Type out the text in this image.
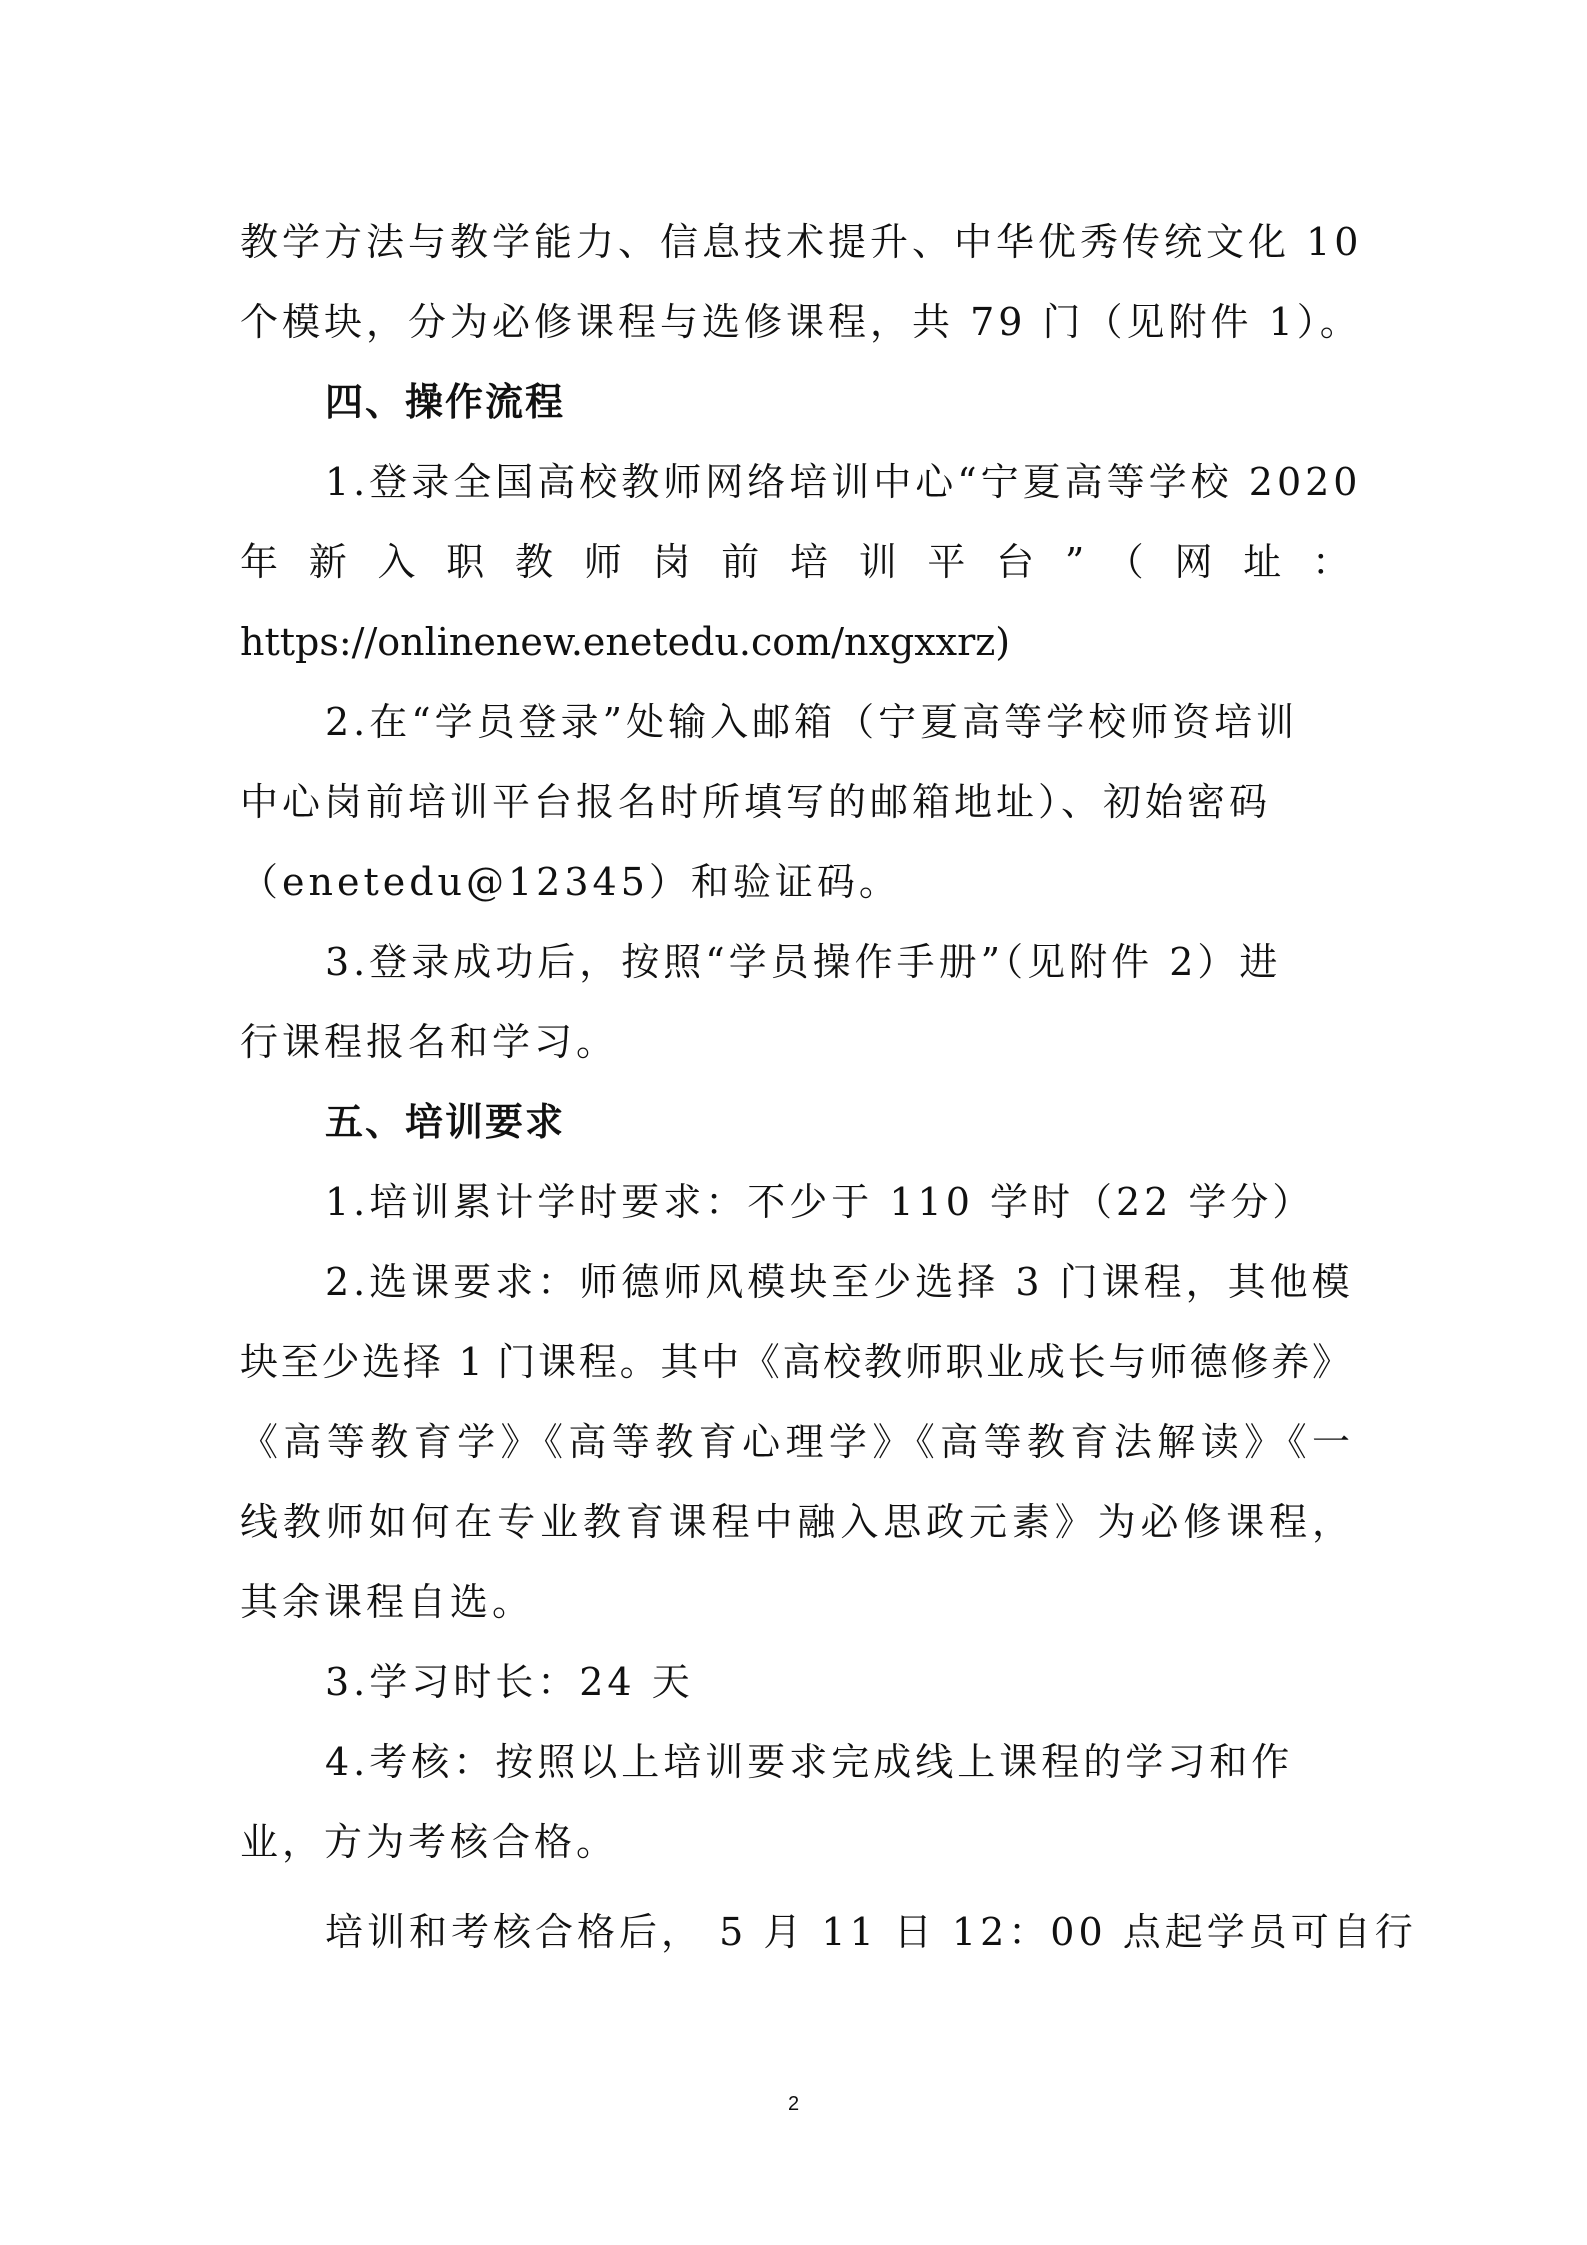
教学方法与教学能力、信息技术提升、中华优秀传统文化 10
个模块，分为必修课程与选修课程，共 79 门（见附件 1）。
四、操作流程
1.登录全国高校教师网络培训中心“宁夏高等学校 2020
年 新 入 职 教 师 岗 前 培 训 平 台 ” （ 网 址 ：
https://onlinenew.enetedu.com/nxgxxrz)
2.在“学员登录”处输入邮箱（宁夏高等学校师资培训
中心岗前培训平台报名时所填写的邮箱地址）、初始密码
（enetedu@12345）和验证码。
3.登录成功后，按照“学员操作手册”（见附件 2）进
行课程报名和学习。
五、培训要求
1.培训累计学时要求：不少于 110 学时（22 学分）
2.选课要求：师德师风模块至少选择 3 门课程，其他模
块至少选择 1 门课程。其中《高校教师职业成长与师德修养》
《高等教育学》《高等教育心理学》《高等教育法解读》《一
线教师如何在专业教育课程中融入思政元素》为必修课程，
其余课程自选。
3.学习时长：24 天
4.考核：按照以上培训要求完成线上课程的学习和作
业，方为考核合格。
培训和考核合格后， 5 月 11 日 12：00 点起学员可自行
2
